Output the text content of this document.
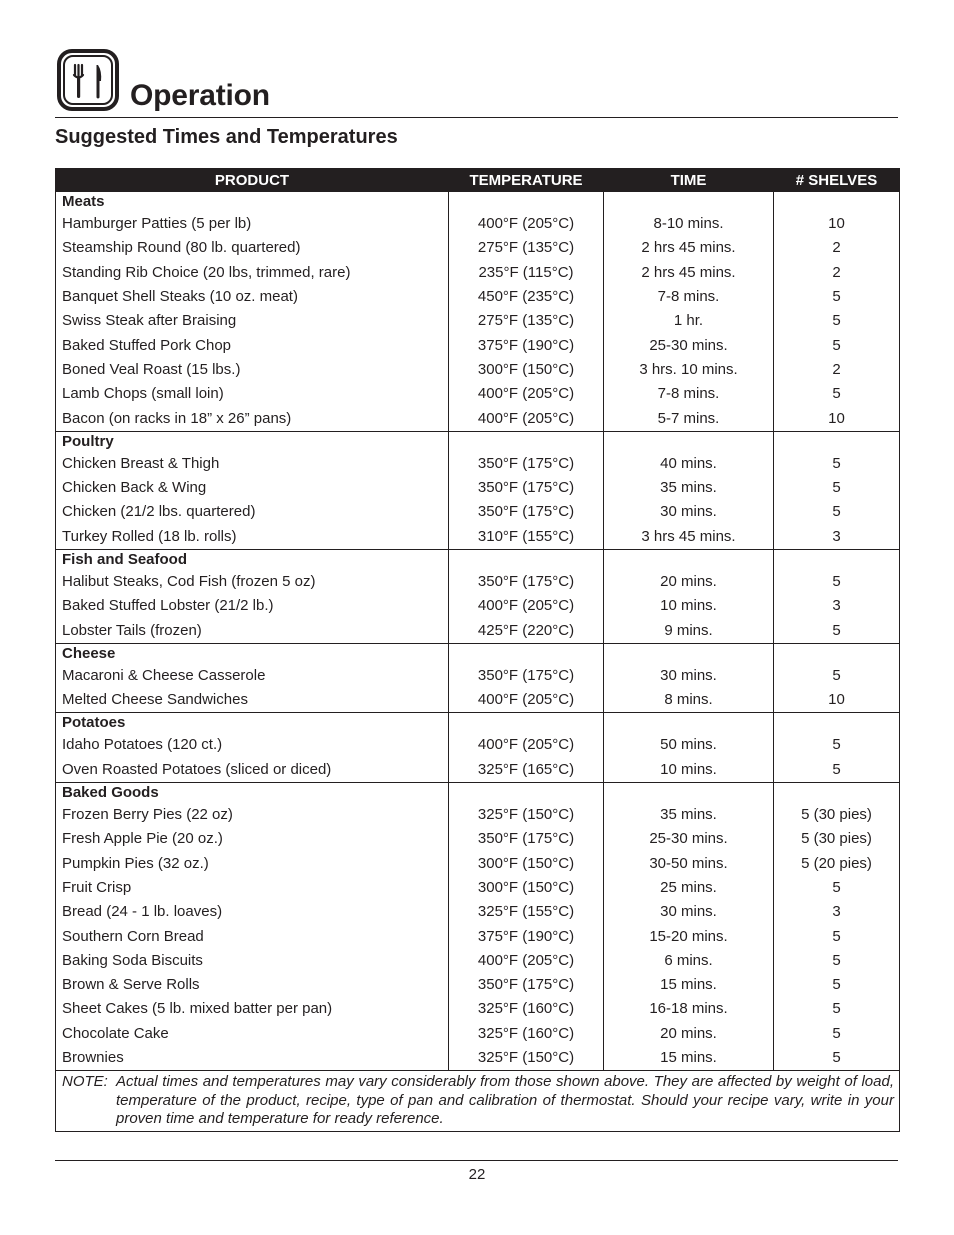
Operation
Suggested Times and Temperatures
PRODUCT	TEMPERATURE	TIME	# SHELVES
Meats			
Hamburger Patties (5 per lb)	400°F (205°C)	8-10 mins.	10
Steamship Round (80 lb. quartered)	275°F (135°C)	2 hrs 45 mins.	2
Standing Rib Choice (20 lbs, trimmed, rare)	235°F (115°C)	2 hrs 45 mins.	2
Banquet Shell Steaks (10 oz. meat)	450°F (235°C)	7-8 mins.	5
Swiss Steak after Braising	275°F (135°C)	1 hr.	5
Baked Stuffed Pork Chop	375°F (190°C)	25-30 mins.	5
Boned Veal Roast (15 lbs.)	300°F (150°C)	3 hrs. 10 mins.	2
Lamb Chops (small loin)	400°F (205°C)	7-8 mins.	5
Bacon (on racks in 18” x 26” pans)	400°F (205°C)	5-7 mins.	10
Poultry			
Chicken Breast & Thigh	350°F (175°C)	40 mins.	5
Chicken Back & Wing	350°F (175°C)	35 mins.	5
Chicken (21/2 lbs. quartered)	350°F (175°C)	30 mins.	5
Turkey Rolled (18 lb. rolls)	310°F (155°C)	3 hrs 45 mins.	3
Fish and Seafood			
Halibut Steaks, Cod Fish (frozen 5 oz)	350°F (175°C)	20 mins.	5
Baked Stuffed Lobster (21/2 lb.)	400°F (205°C)	10 mins.	3
Lobster Tails (frozen)	425°F (220°C)	9 mins.	5
Cheese			
Macaroni & Cheese Casserole	350°F (175°C)	30 mins.	5
Melted Cheese Sandwiches	400°F (205°C)	8 mins.	10
Potatoes			
Idaho Potatoes (120 ct.)	400°F (205°C)	50 mins.	5
Oven Roasted Potatoes (sliced or diced)	325°F (165°C)	10 mins.	5
Baked Goods			
Frozen Berry Pies (22 oz)	325°F (150°C)	35 mins.	5 (30 pies)
Fresh Apple Pie (20 oz.)	350°F (175°C)	25-30 mins.	5 (30 pies)
Pumpkin Pies (32 oz.)	300°F (150°C)	30-50 mins.	5 (20 pies)
Fruit Crisp	300°F (150°C)	25 mins.	5
Bread (24 - 1 lb. loaves)	325°F (155°C)	30 mins.	3
Southern Corn Bread	375°F (190°C)	15-20 mins.	5
Baking Soda Biscuits	400°F (205°C)	6 mins.	5
Brown & Serve Rolls	350°F (175°C)	15 mins.	5
Sheet Cakes (5 lb. mixed batter per pan)	325°F (160°C)	16-18 mins.	5
Chocolate Cake	325°F (160°C)	20 mins.	5
Brownies	325°F (150°C)	15 mins.	5

NOTE: Actual times and temperatures may vary considerably from those shown above. They are affected by weight of load, temperature of the product, recipe, type of pan and calibration of thermostat. Should your recipe vary, write in your proven time and temperature for ready reference.			
22
